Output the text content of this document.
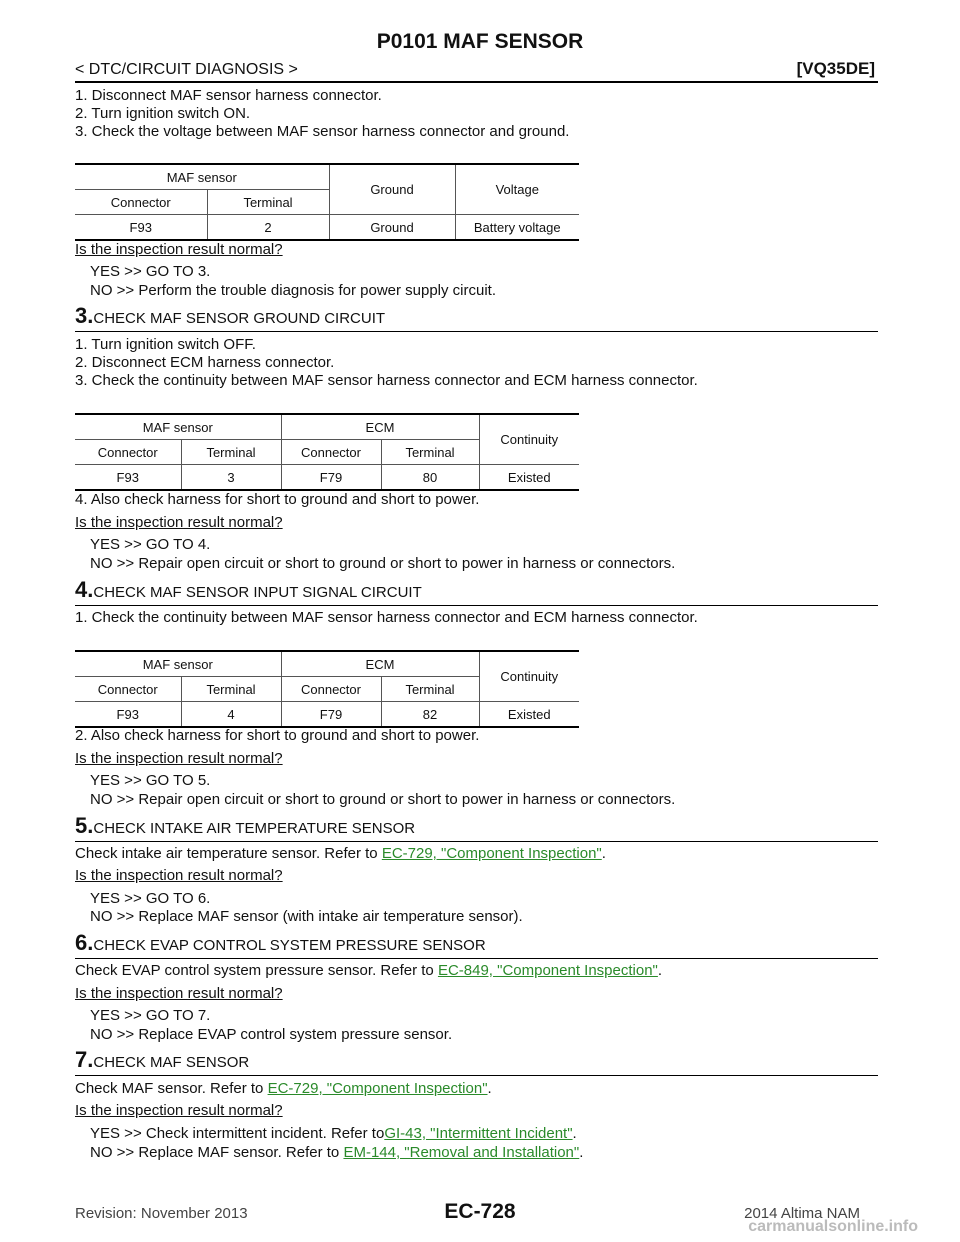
P0101 MAF SENSOR
< DTC/CIRCUIT DIAGNOSIS >	[VQ35DE]
1. Disconnect MAF sensor harness connector.
2. Turn ignition switch ON.
3. Check the voltage between MAF sensor harness connector and ground.
MAF sensor		Ground	Voltage
Connector	Terminal		
F93	2	Ground	Battery voltage
Is the inspection result normal?
YES >> GO TO 3.
NO >> Perform the trouble diagnosis for power supply circuit.
3.CHECK MAF SENSOR GROUND CIRCUIT
1. Turn ignition switch OFF.
2. Disconnect ECM harness connector.
3. Check the continuity between MAF sensor harness connector and ECM harness connector.
MAF sensor		ECM		Continuity
Connector	Terminal	Connector	Terminal	
F93	3	F79	80	Existed
4. Also check harness for short to ground and short to power.
Is the inspection result normal?
YES >> GO TO 4.
NO >> Repair open circuit or short to ground or short to power in harness or connectors.
4.CHECK MAF SENSOR INPUT SIGNAL CIRCUIT
1. Check the continuity between MAF sensor harness connector and ECM harness connector.
MAF sensor		ECM		Continuity
Connector	Terminal	Connector	Terminal	
F93	4	F79	82	Existed
2. Also check harness for short to ground and short to power.
Is the inspection result normal?
YES >> GO TO 5.
NO >> Repair open circuit or short to ground or short to power in harness or connectors.
5.CHECK INTAKE AIR TEMPERATURE SENSOR
Check intake air temperature sensor. Refer to EC-729, "Component Inspection".
Is the inspection result normal?
YES >> GO TO 6.
NO >> Replace MAF sensor (with intake air temperature sensor).
6.CHECK EVAP CONTROL SYSTEM PRESSURE SENSOR
Check EVAP control system pressure sensor. Refer to EC-849, "Component Inspection".
Is the inspection result normal?
YES >> GO TO 7.
NO >> Replace EVAP control system pressure sensor.
7.CHECK MAF SENSOR
Check MAF sensor. Refer to EC-729, "Component Inspection".
Is the inspection result normal?
YES >> Check intermittent incident. Refer toGI-43, "Intermittent Incident".
NO >> Replace MAF sensor. Refer to EM-144, "Removal and Installation".
Revision: November 2013	EC-728	2014 Altima NAM
carmanualsonline.info
